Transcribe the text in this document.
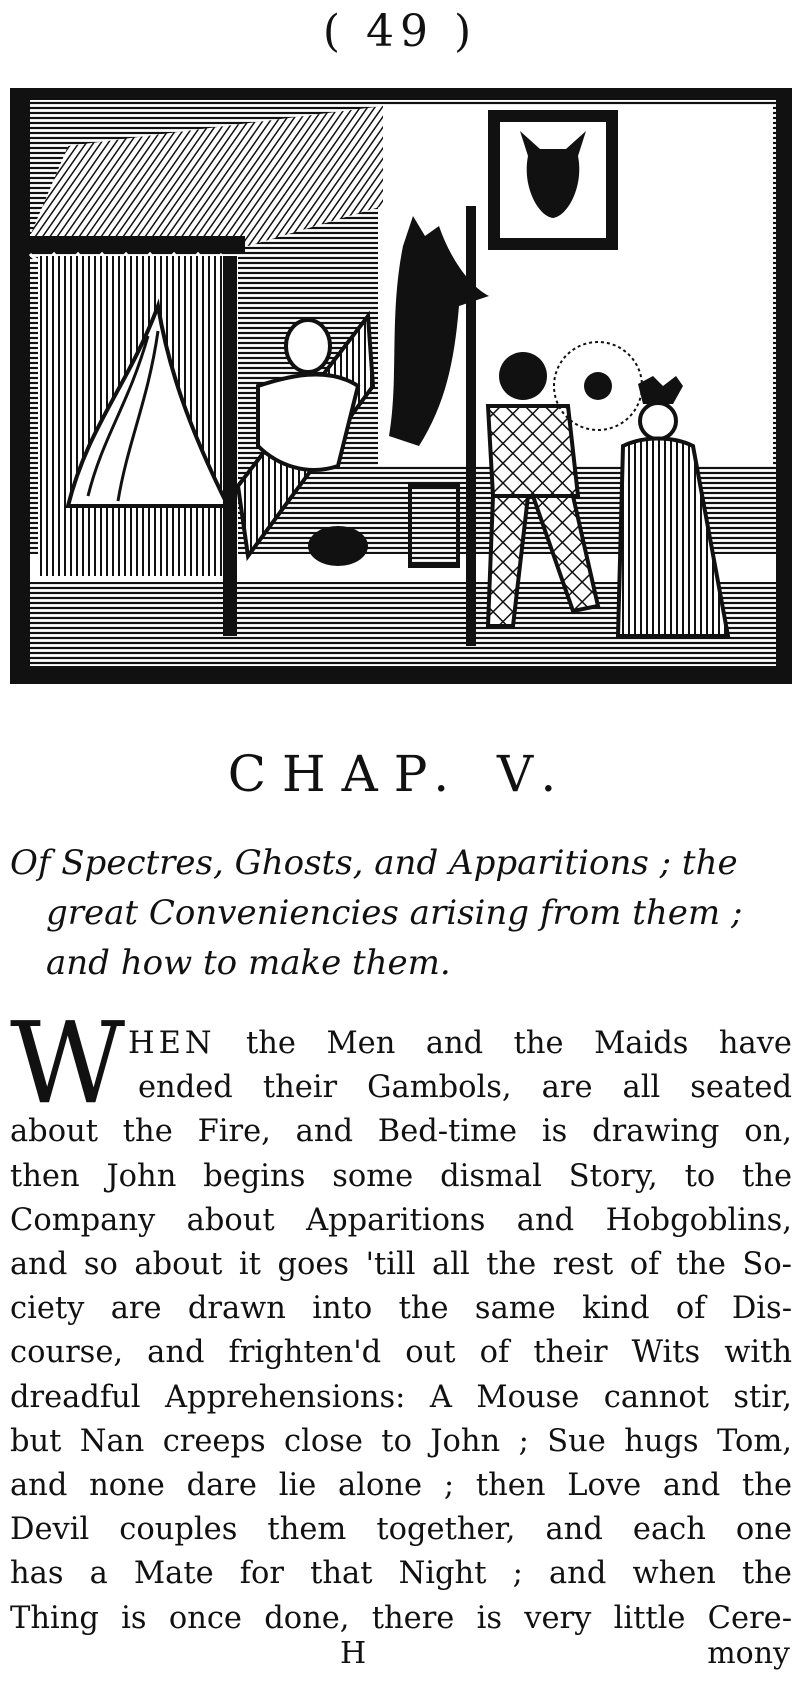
( 49 )
CHAP. V.
Of Spectres, Ghosts, and Apparitions ; the
great Conveniencies arising from them ;
and how to make them.
W HEN the Men and the Maids have
ended their Gambols, are all seated
about the Fire, and Bed-time is drawing on,
then John begins some dismal Story, to the
Company about Apparitions and Hobgoblins,
and so about it goes 'till all the rest of the So-
ciety are drawn into the same kind of Dis-
course, and frighten'd out of their Wits with
dreadful Apprehensions: A Mouse cannot stir,
but Nan creeps close to John ; Sue hugs Tom,
and none dare lie alone ; then Love and the
Devil couples them together, and each one
has a Mate for that Night ; and when the
Thing is once done, there is very little Cere-
H	mony
